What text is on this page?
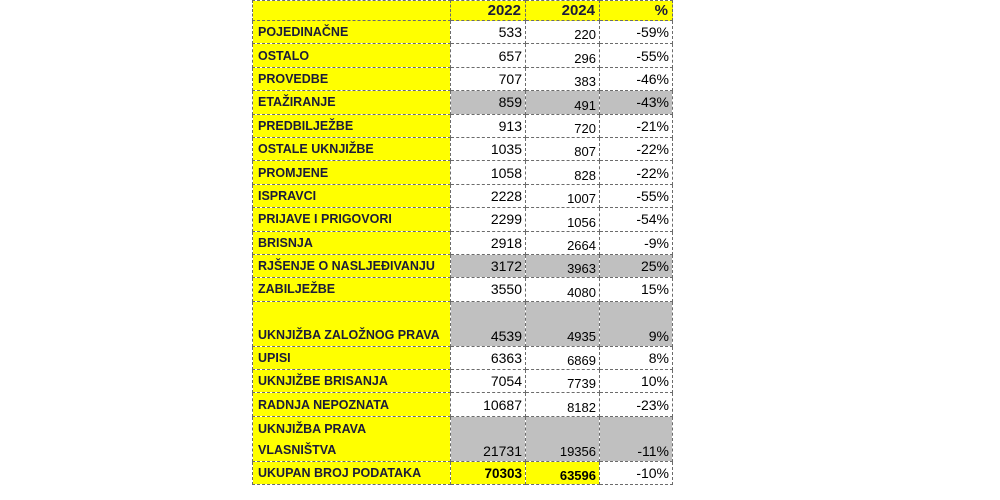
	2022	2024	%
POJEDINAČNE	533	220	-59%
OSTALO	657	296	-55%
PROVEDBE	707	383	-46%
ETAŽIRANJE	859	491	-43%
PREDBILJEŽBE	913	720	-21%
OSTALE UKNJIŽBE	1035	807	-22%
PROMJENE	1058	828	-22%
ISPRAVCI	2228	1007	-55%
PRIJAVE I PRIGOVORI	2299	1056	-54%
BRISNJA	2918	2664	-9%
RJŠENJE O NASLJEĐIVANJU	3172	3963	25%
ZABILJEŽBE	3550	4080	15%
UKNJIŽBA ZALOŽNOG PRAVA	4539	4935	9%
UPISI	6363	6869	8%
UKNJIŽBE BRISANJA	7054	7739	10%
RADNJA NEPOZNATA	10687	8182	-23%
UKNJIŽBA PRAVA VLASNIŠTVA	21731	19356	-11%
UKUPAN BROJ PODATAKA	70303	63596	-10%
